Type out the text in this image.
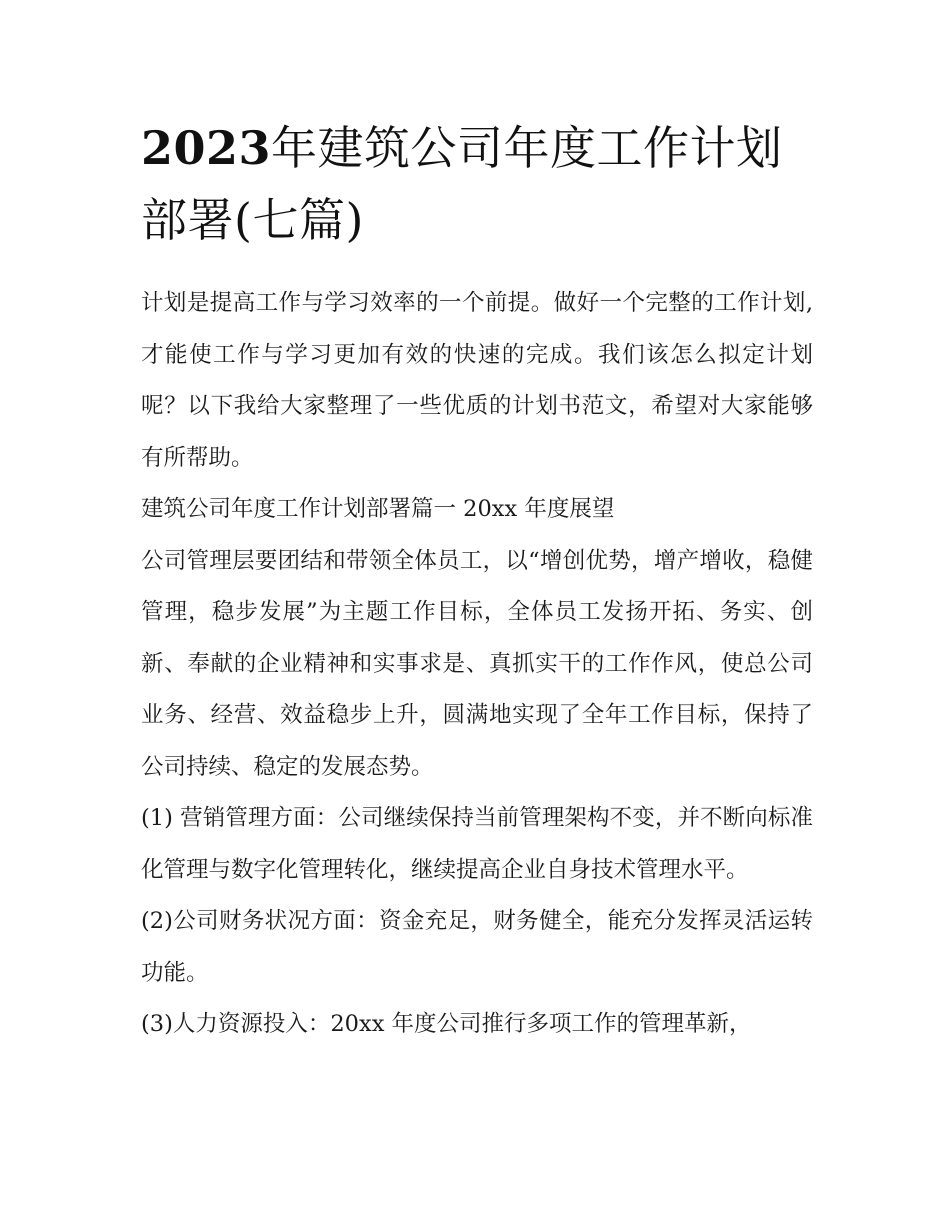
2023年建筑公司年度工作计划部署(七篇)

计划是提高工作与学习效率的一个前提。做好一个完整的工作计划,才能使工作与学习更加有效的快速的完成。我们该怎么拟定计划呢？以下我给大家整理了一些优质的计划书范文，希望对大家能够有所帮助。

建筑公司年度工作计划部署篇一 20xx 年度展望

公司管理层要团结和带领全体员工，以“增创优势，增产增收，稳健管理，稳步发展”为主题工作目标，全体员工发扬开拓、务实、创新、奉献的企业精神和实事求是、真抓实干的工作作风，使总公司业务、经营、效益稳步上升，圆满地实现了全年工作目标，保持了公司持续、稳定的发展态势。

(1) 营销管理方面：公司继续保持当前管理架构不变，并不断向标准化管理与数字化管理转化，继续提高企业自身技术管理水平。

(2)公司财务状况方面：资金充足，财务健全，能充分发挥灵活运转功能。

(3)人力资源投入：20xx 年度公司推行多项工作的管理革新，
